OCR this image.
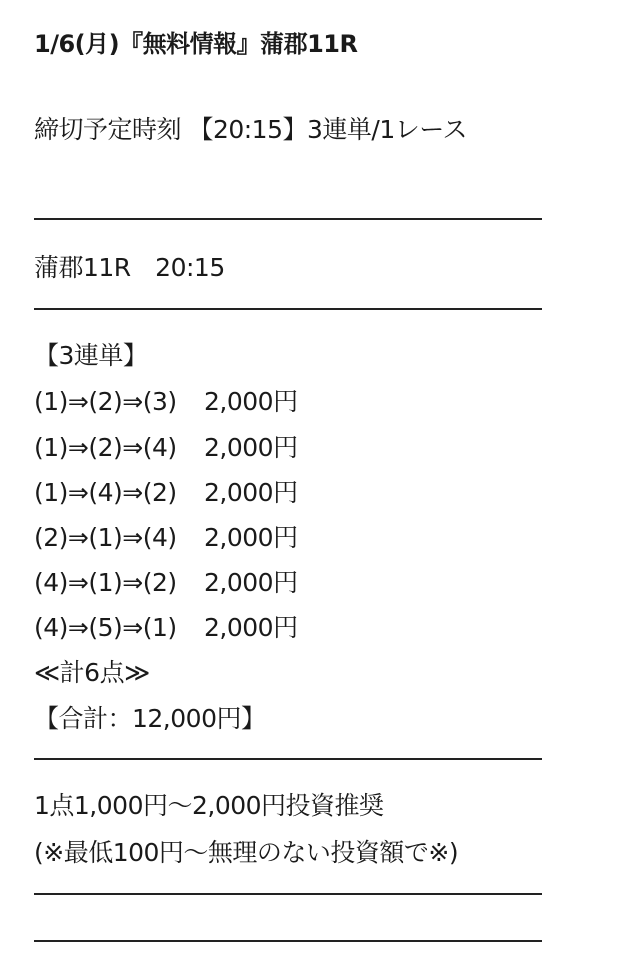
1/6(月)『無料情報』蒲郡11R
締切予定時刻 【20:15】3連単/1レース
蒲郡11R　20:15
【3連単】
(1)⇒(2)⇒(3) 2,000円
(1)⇒(2)⇒(4) 2,000円
(1)⇒(4)⇒(2) 2,000円
(2)⇒(1)⇒(4) 2,000円
(4)⇒(1)⇒(2) 2,000円
(4)⇒(5)⇒(1) 2,000円
≪計6点≫
【合計：12,000円】
1点1,000円～2,000円投資推奨
(※最低100円～無理のない投資額で※)
